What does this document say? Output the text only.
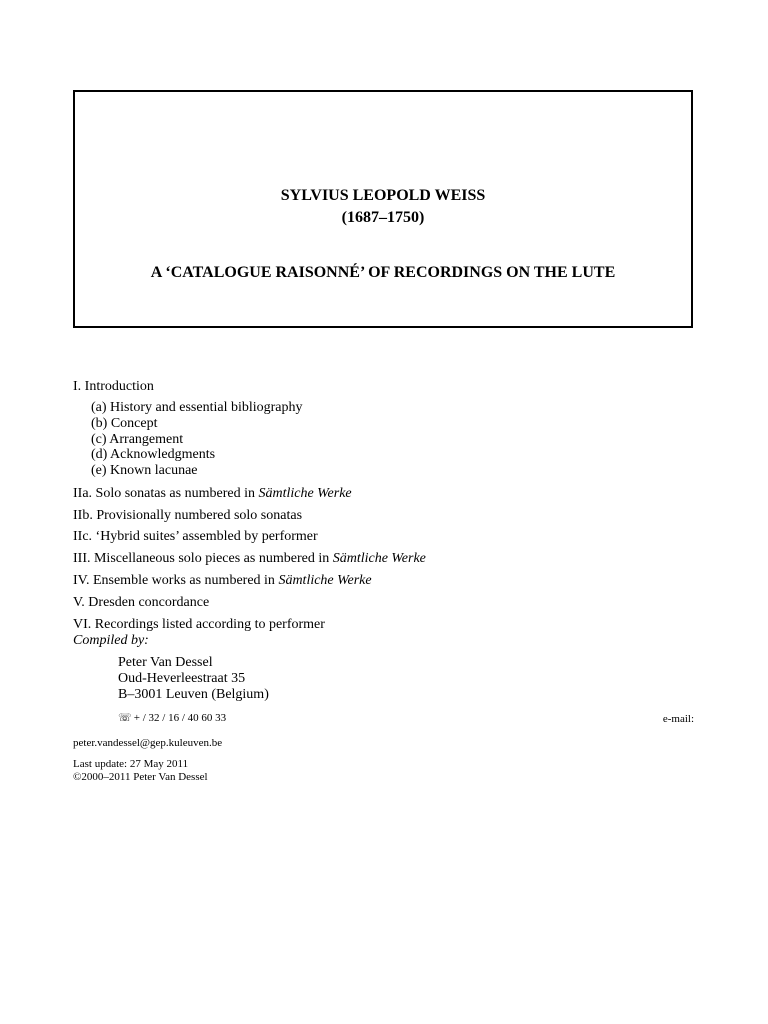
SYLVIUS LEOPOLD WEISS
(1687–1750)
A ‘CATALOGUE RAISONNÉ’ OF RECORDINGS ON THE LUTE
I. Introduction
(a) History and essential bibliography
(b) Concept
(c) Arrangement
(d) Acknowledgments
(e) Known lacunae
IIa. Solo sonatas as numbered in Sämtliche Werke
IIb. Provisionally numbered solo sonatas
IIc. ‘Hybrid suites’ assembled by performer
III. Miscellaneous solo pieces as numbered in Sämtliche Werke
IV. Ensemble works as numbered in Sämtliche Werke
V. Dresden concordance
VI. Recordings listed according to performer
Compiled by:
Peter Van Dessel
Oud-Heverleestraat 35
B–3001 Leuven (Belgium)
☏ + / 32 / 16 / 40 60 33	e-mail:
peter.vandessel@gep.kuleuven.be
Last update: 27 May 2011
©2000–2011 Peter Van Dessel
